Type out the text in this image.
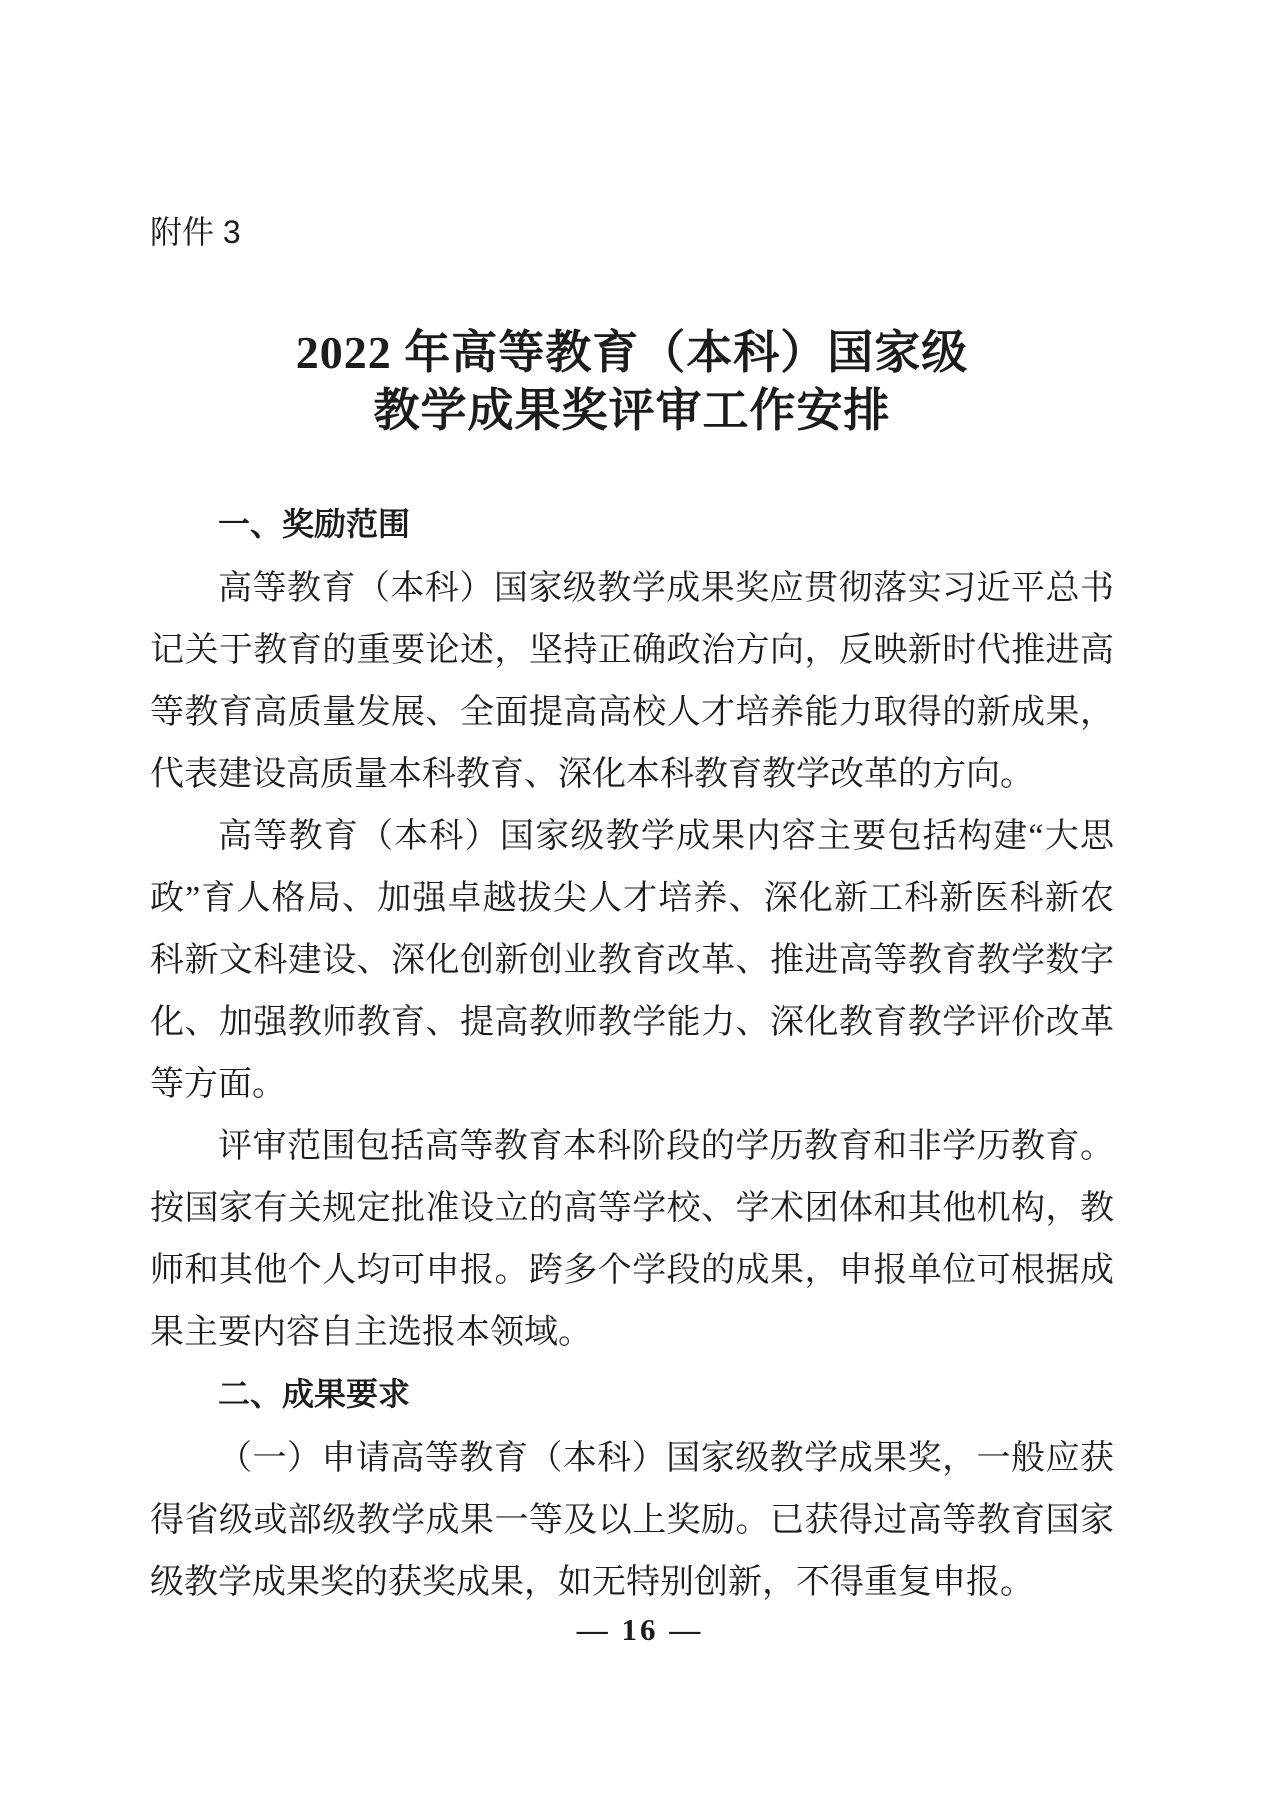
附件 3
2022 年高等教育（本科）国家级
教学成果奖评审工作安排
一、奖励范围

高等教育（本科）国家级教学成果奖应贯彻落实习近平总书记关于教育的重要论述，坚持正确政治方向，反映新时代推进高等教育高质量发展、全面提高高校人才培养能力取得的新成果，代表建设高质量本科教育、深化本科教育教学改革的方向。

高等教育（本科）国家级教学成果内容主要包括构建“大思政”育人格局、加强卓越拔尖人才培养、深化新工科新医科新农科新文科建设、深化创新创业教育改革、推进高等教育教学数字化、加强教师教育、提高教师教学能力、深化教育教学评价改革等方面。

评审范围包括高等教育本科阶段的学历教育和非学历教育。按国家有关规定批准设立的高等学校、学术团体和其他机构，教师和其他个人均可申报。跨多个学段的成果，申报单位可根据成果主要内容自主选报本领域。

二、成果要求

（一）申请高等教育（本科）国家级教学成果奖，一般应获得省级或部级教学成果一等及以上奖励。已获得过高等教育国家级教学成果奖的获奖成果，如无特别创新，不得重复申报。

— 16 —
